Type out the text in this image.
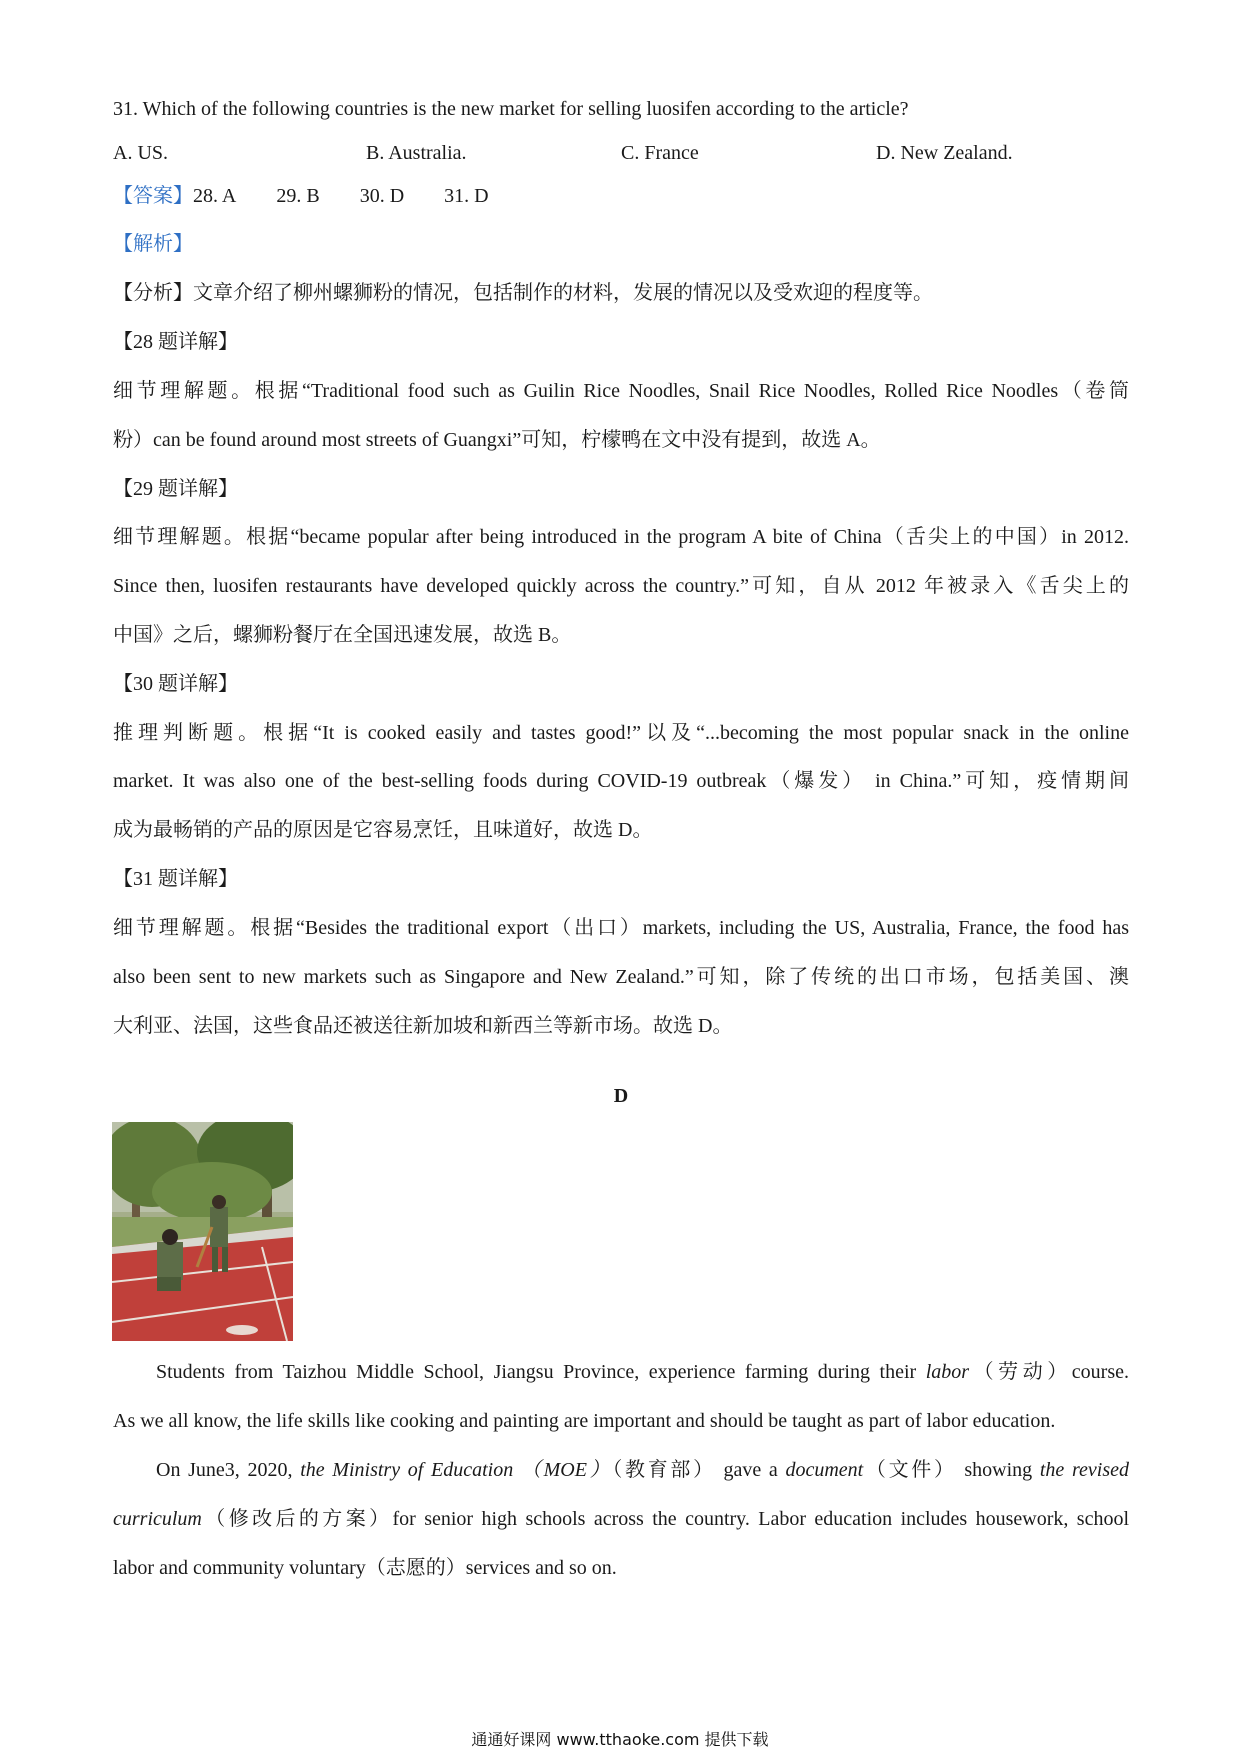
31. Which of the following countries is the new market for selling luosifen according to the article?
A. US.	B. Australia.	C. France	D. New Zealand.
【答案】28. A 29. B 30. D 31. D
【解析】
【分析】文章介绍了柳州螺狮粉的情况，包括制作的材料，发展的情况以及受欢迎的程度等。
【28 题详解】
细节理解题。根据“Traditional food such as Guilin Rice Noodles, Snail Rice Noodles, Rolled Rice Noodles（卷筒
粉）can be found around most streets of Guangxi”可知，柠檬鸭在文中没有提到，故选 A。
【29 题详解】
细节理解题。根据“became popular after being introduced in the program A bite of China（舌尖上的中国）in 2012.
Since then, luosifen restaurants have developed quickly across the country.”可知，自从 2012 年被录入《舌尖上的
中国》之后，螺狮粉餐厅在全国迅速发展，故选 B。
【30 题详解】
推理判断题。根据“It is cooked easily and tastes good!”以及“...becoming the most popular snack in the online
market. It was also one of the best-selling foods during COVID-19 outbreak（爆发） in China.”可知，疫情期间
成为最畅销的产品的原因是它容易烹饪，且味道好，故选 D。
【31 题详解】
细节理解题。根据“Besides the traditional export（出口）markets, including the US, Australia, France, the food has
also been sent to new markets such as Singapore and New Zealand.”可知，除了传统的出口市场，包括美国、澳
大利亚、法国，这些食品还被送往新加坡和新西兰等新市场。故选 D。
D
Students from Taizhou Middle School, Jiangsu Province, experience farming during their labor（劳动）course.
As we all know, the life skills like cooking and painting are important and should be taught as part of labor education.
On June3, 2020, the Ministry of Education （MOE）（教育部） gave a document（文件） showing the revised
curriculum（修改后的方案）for senior high schools across the country. Labor education includes housework, school
labor and community voluntary（志愿的）services and so on.
通通好课网 www.tthaoke.com 提供下载
